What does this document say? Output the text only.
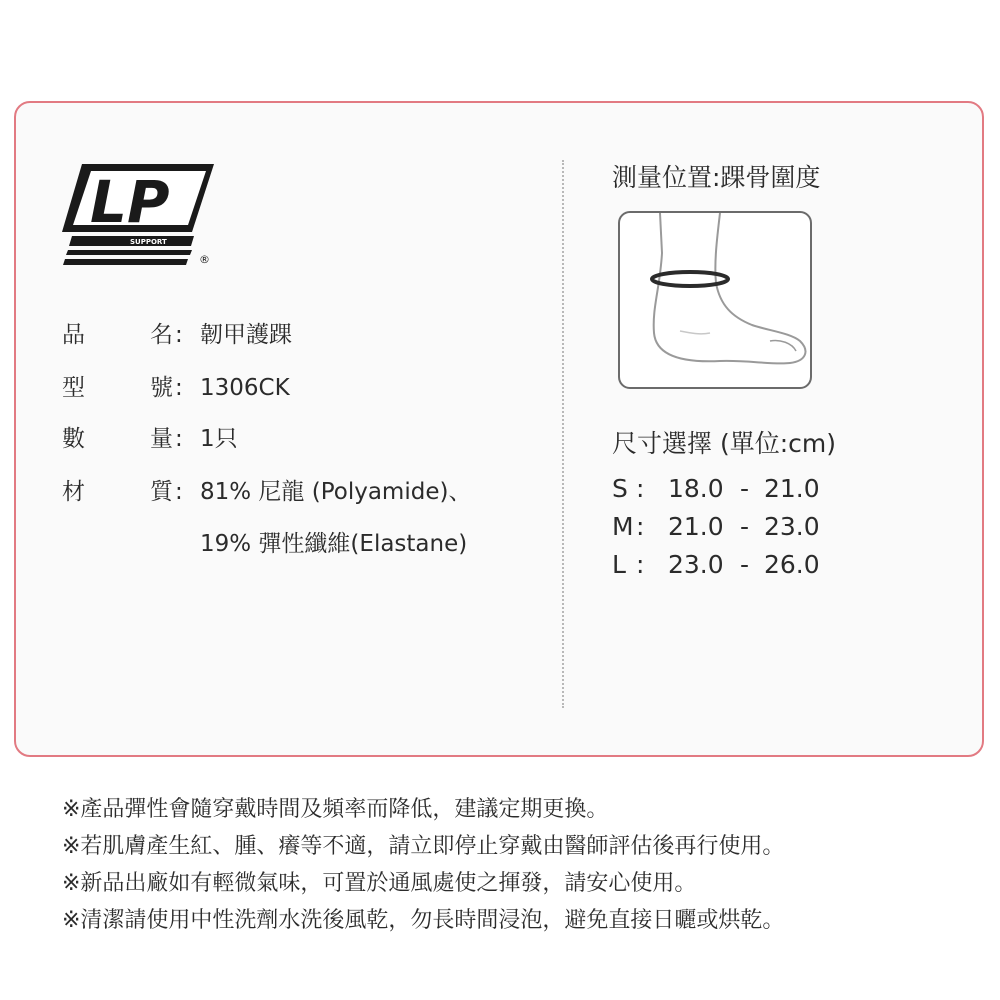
LP
SUPPORT
®
品	名 : 韌甲護踝
型	號 : 1306CK
數	量 : 1只
材	質 : 81% 尼龍 (Polyamide)、
19% 彈性纖維(Elastane)
測量位置:踝骨圍度
尺寸選擇 (單位:cm)
S : 18.0 - 21.0
M : 21.0 - 23.0
L : 23.0 - 26.0
※產品彈性會隨穿戴時間及頻率而降低，建議定期更換。
※若肌膚產生紅、腫、癢等不適，請立即停止穿戴由醫師評估後再行使用。
※新品出廠如有輕微氣味，可置於通風處使之揮發，請安心使用。
※清潔請使用中性洗劑水洗後風乾，勿長時間浸泡，避免直接日曬或烘乾。
